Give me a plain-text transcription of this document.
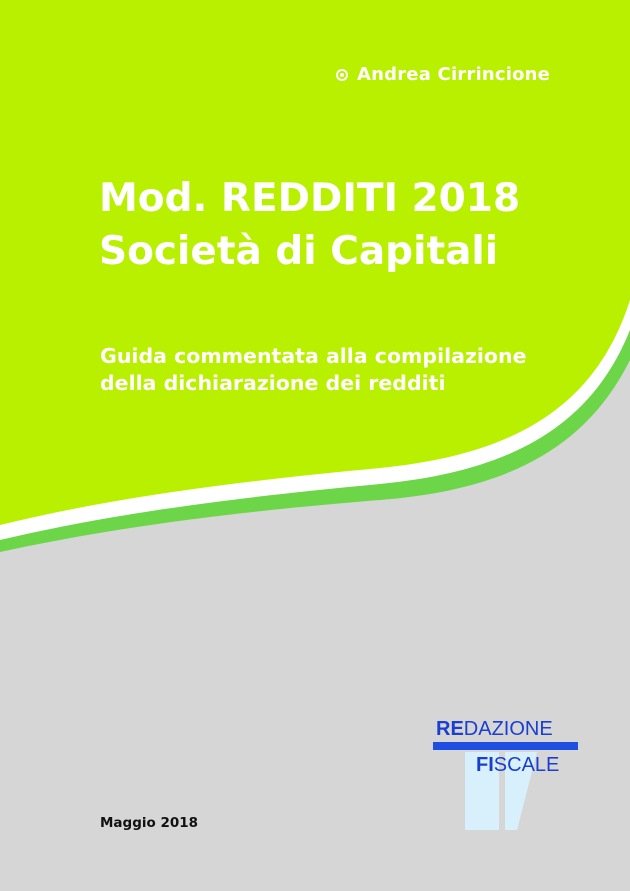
Andrea Cirrincione
Mod. REDDITI 2018
Società di Capitali
Guida commentata alla compilazione
della dichiarazione dei redditi
REDAZIONE
FISCALE
Maggio 2018
